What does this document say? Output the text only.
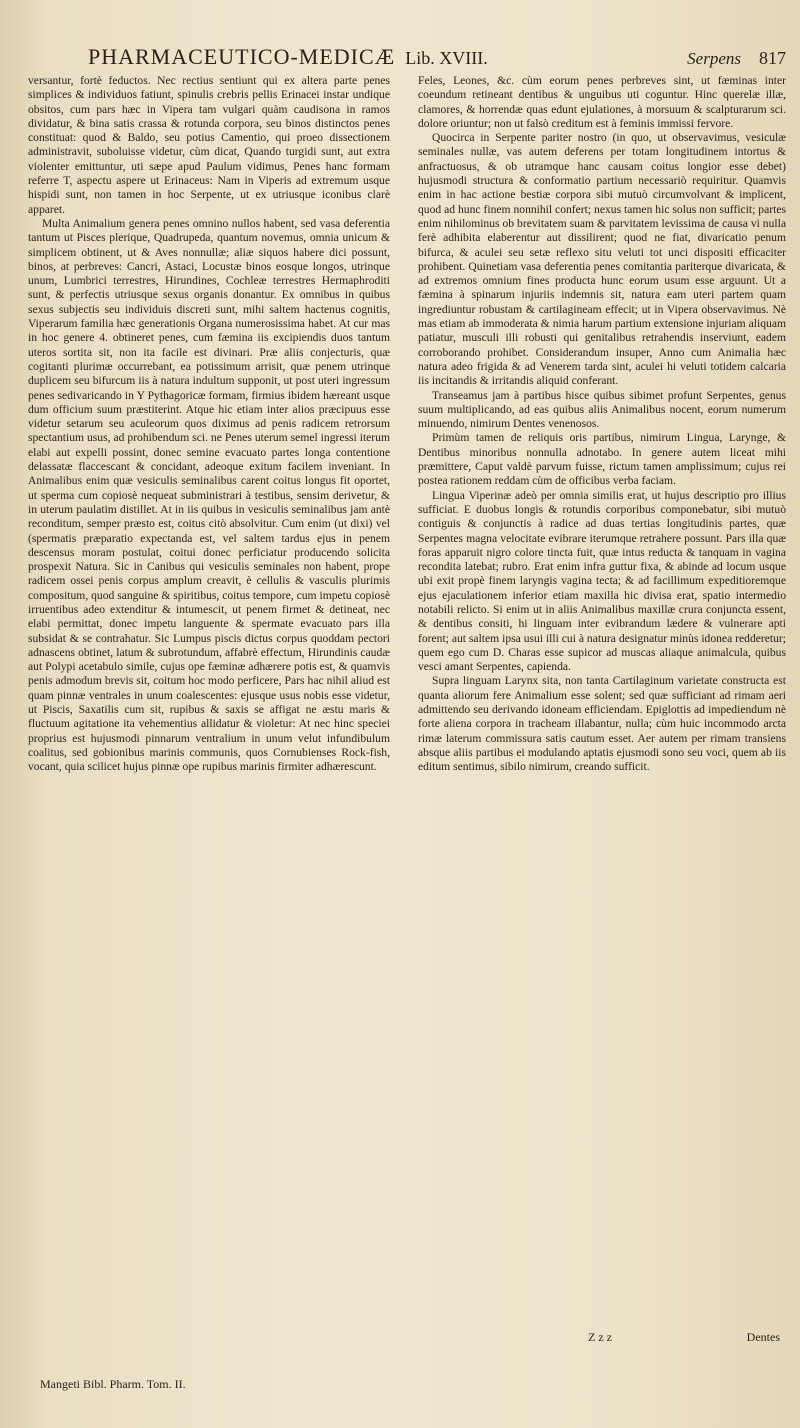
PHARMACEUTICO-MEDICÆ Lib. XVIII.	Serpens 817

versantur, fortè feductos. Nec rectius sentiunt qui ex altera parte penes simplices & individuos fatiunt, spinulis crebris pellis Erinacei instar undique obsitos, cum pars hæc in Vipera tam vulgari quàm caudisona in ramos dividatur, & bina satis crassa & rotunda corpora, seu binos distinctos penes constituat: quod & Baldo, seu potius Camentio, qui proeo dissectionem administravit, suboluisse videtur, cùm dicat, Quando turgidi sunt, aut extra violenter emittuntur, uti sæpe apud Paulum vidimus, Penes hanc formam referre T, aspectu aspere ut Erinaceus: Nam in Viperis ad extremum usque hispidi sunt, non tamen in hoc Serpente, ut ex utriusque iconibus clarè apparet.

Multa Animalium genera penes omnino nullos habent, sed vasa deferentia tantum ut Pisces plerique, Quadrupeda, quantum novemus, omnia unicum & simplicem obtinent, ut & Aves nonnullæ; aliæ siquos habere dici possunt, binos, at perbreves: Cancri, Astaci, Locustæ binos eosque longos, utrinque unum, Lumbrici terrestres, Hirundines, Cochleæ terrestres Hermaphroditi sunt, & perfectis utriusque sexus organis donantur. Ex omnibus in quibus sexus subjectis seu individuis discreti sunt, mihi saltem hactenus cognitis, Viperarum familia hæc generationis Organa numerosissima habet. At cur mas in hoc genere 4. obtineret penes, cum fæmina iis excipiendis duos tantum uteros sortita sit, non ita facile est divinari. Præ aliis conjecturis, quæ cogitanti plurimæ occurrebant, ea potissimum arrisit, quæ penem utrinque duplicem seu bifurcum iis à natura indultum supponit, ut post uteri ingressum penes sedivaricando in Y Pythagoricæ formam, firmius ibidem hæreant usque dum officium suum præstiterint. Atque hic etiam inter alios præcipuus esse videtur setarum seu aculeorum quos diximus ad penis radicem retrorsum spectantium usus, ad prohibendum sci. ne Penes uterum semel ingressi iterum elabi aut expelli possint, donec semine evacuato partes longa contentione delassatæ flaccescant & concidant, adeoque exitum facilem inveniant. In Animalibus enim quæ vesiculis seminalibus carent coitus longus fit oportet, ut sperma cum copiosè nequeat subministrari à testibus, sensim derivetur, & in uterum paulatim distillet. At in iis quibus in vesiculis seminalibus jam antè reconditum, semper præsto est, coitus citò absolvitur. Cum enim (ut dixi) vel (spermatis præparatio expectanda est, vel saltem tardus ejus in penem descensus moram postulat, coitui donec perficiatur producendo solicita prospexit Natura. Sic in Canibus qui vesiculis seminales non habent, prope radicem ossei penis corpus amplum creavit, è cellulis & vasculis plurimis compositum, quod sanguine & spiritibus, coitus tempore, cum impetu copiosè irruentibus adeo extenditur & intumescit, ut penem firmet & detineat, nec elabi permittat, donec impetu languente & spermate evacuato pars illa subsidat & se contrahatur. Sic Lumpus piscis dictus corpus quoddam pectori adnascens obtinet, latum & subrotundum, affabrè effectum, Hirundinis caudæ aut Polypi acetabulo simile, cujus ope fæminæ adhærere potis est, & quamvis penis admodum brevis sit, coitum hoc modo perficere, Pars hac nihil aliud est quam pinnæ ventrales in unum coalescentes: ejusque usus nobis esse videtur, ut Piscis, Saxatilis cum sit, rupibus & saxis se affigat ne æstu maris & fluctuum agitatione ita vehementius allidatur & violetur: At nec hinc speciei proprius est hujusmodi pinnarum ventralium in unum velut infundibulum coalitus, sed gobionibus marinis communis, quos Cornubienses Rock-fish, vocant, quia scilicet hujus pinnæ ope rupibus marinis firmiter adhærescunt.

Feles, Leones, &c. cùm eorum penes perbreves sint, ut fæminas inter coeundum retineant dentibus & unguibus uti coguntur. Hinc querelæ illæ, clamores, & horrendæ quas edunt ejulationes, à morsuum & scalpturarum sci. dolore oriuntur; non ut falsò creditum est à feminis immissi fervore.

Quocirca in Serpente pariter nostro (in quo, ut observavimus, vesiculæ seminales nullæ, vas autem deferens per totam longitudinem intortus & anfractuosus, & ob utramque hanc causam coitus longior esse debet) hujusmodi structura & conformatio partium necessariò requiritur. Quamvis enim in hac actione bestiæ corpora sibi mutuò circumvolvant & implicent, quod ad hunc finem nonnihil confert; nexus tamen hic solus non sufficit; partes enim nihilominus ob brevitatem suam & parvitatem levissima de causa vi nulla ferè adhibita elaberentur aut dissilirent; quod ne fiat, divaricatio penum bifurca, & aculei seu setæ reflexo situ veluti tot unci dispositi efficaciter prohibent. Quinetiam vasa deferentia penes comitantia pariterque divaricata, & ad extremos omnium fines producta hunc eorum usum esse arguunt. Ut a fæmina à spinarum injuriis indemnis sit, natura eam uteri partem quam ingrediuntur robustam & cartilagineam effecit; ut in Vipera observavimus. Nè mas etiam ab immoderata & nimia harum partium extensione injuriam aliquam patiatur, musculi illi robusti qui genitalibus retrahendis inserviunt, eadem corroborando prohibet. Considerandum insuper, Anno cum Animalia hæc natura adeo frigida & ad Venerem tarda sint, aculei hi veluti totidem calcaria iis incitandis & irritandis aliquid conferant.

Transeamus jam à partibus hisce quibus sibimet profunt Serpentes, genus suum multiplicando, ad eas quibus aliis Animalibus nocent, eorum numerum minuendo, nimirum Dentes venenosos.

Primùm tamen de reliquis oris partibus, nimirum Lingua, Larynge, & Dentibus minoribus nonnulla adnotabo. In genere autem liceat mihi præmittere, Caput valdè parvum fuisse, rictum tamen amplissimum; cujus rei postea rationem reddam cùm de officibus verba faciam.

Lingua Viperinæ adeò per omnia similis erat, ut hujus descriptio pro illius sufficiat. E duobus longis & rotundis corporibus componebatur, sibi mutuò contiguis & conjunctis à radice ad duas tertias longitudinis partes, quæ Serpentes magna velocitate evibrare iterumque retrahere possunt. Pars illa quæ foras apparuit nigro colore tincta fuit, quæ intus reducta & tanquam in vagina recondita latebat; rubro. Erat enim infra guttur fixa, & abinde ad locum usque ubi exit propè finem laryngis vagina tecta; & ad facillimum expeditioremque ejus ejaculationem inferior etiam maxilla hic divisa erat, spatio intermedio notabili relicto. Si enim ut in aliis Animalibus maxillæ crura conjuncta essent, & dentibus consiti, hi linguam inter evibrandum lædere & vulnerare apti forent; aut saltem ipsa usui illi cui à natura designatur minùs idonea redderetur; quem ego cum D. Charas esse supicor ad muscas aliaque animalcula, quibus vesci amant Serpentes, capienda.

Supra linguam Larynx sita, non tanta Cartilaginum varietate constructa est quanta aliorum fere Animalium esse solent; sed quæ sufficiant ad rimam aeri admittendo seu derivando idoneam efficiendam. Epiglottis ad impediendum nè forte aliena corpora in tracheam illabantur, nulla; cùm huic incommodo arcta rimæ laterum commissura satis cautum esset. Aer autem per rimam transiens absque aliis partibus ei modulando aptatis ejusmodi sono seu voci, quem ab iis editum sentimus, sibilo nimirum, creando sufficit.

Mangeti Bibl. Pharm. Tom. II.
Z z z	Dentes
